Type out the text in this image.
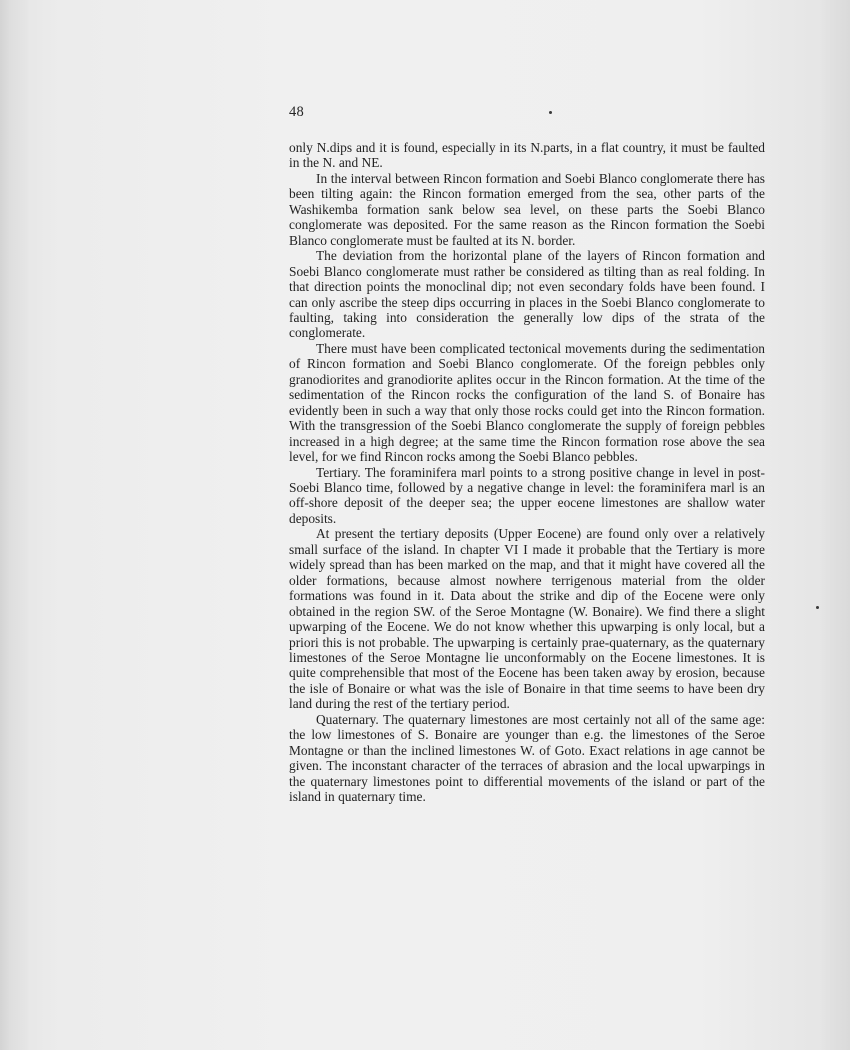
48

only N.dips and it is found, especially in its N.parts, in a flat country, it must be faulted in the N. and NE.

In the interval between Rincon formation and Soebi Blanco conglomerate there has been tilting again: the Rincon formation emerged from the sea, other parts of the Washikemba formation sank below sea level, on these parts the Soebi Blanco conglomerate was deposited. For the same reason as the Rincon formation the Soebi Blanco conglomerate must be faulted at its N. border.

The deviation from the horizontal plane of the layers of Rincon formation and Soebi Blanco conglomerate must rather be considered as tilting than as real folding. In that direction points the monoclinal dip; not even secondary folds have been found. I can only ascribe the steep dips occurring in places in the Soebi Blanco conglomerate to faulting, taking into consideration the generally low dips of the strata of the conglomerate.

There must have been complicated tectonical movements during the sedimentation of Rincon formation and Soebi Blanco conglomerate. Of the foreign pebbles only granodiorites and granodiorite aplites occur in the Rincon formation. At the time of the sedimentation of the Rincon rocks the configuration of the land S. of Bonaire has evidently been in such a way that only those rocks could get into the Rincon formation. With the transgression of the Soebi Blanco conglomerate the supply of foreign pebbles increased in a high degree; at the same time the Rincon formation rose above the sea level, for we find Rincon rocks among the Soebi Blanco pebbles.

Tertiary. The foraminifera marl points to a strong positive change in level in post-Soebi Blanco time, followed by a negative change in level: the foraminifera marl is an off-shore deposit of the deeper sea; the upper eocene limestones are shallow water deposits.

At present the tertiary deposits (Upper Eocene) are found only over a relatively small surface of the island. In chapter VI I made it probable that the Tertiary is more widely spread than has been marked on the map, and that it might have covered all the older formations, because almost nowhere terrigenous material from the older formations was found in it. Data about the strike and dip of the Eocene were only obtained in the region SW. of the Seroe Montagne (W. Bonaire). We find there a slight upwarping of the Eocene. We do not know whether this upwarping is only local, but a priori this is not probable. The upwarping is certainly prae-quaternary, as the quaternary limestones of the Seroe Montagne lie unconformably on the Eocene limestones. It is quite comprehensible that most of the Eocene has been taken away by erosion, because the isle of Bonaire or what was the isle of Bonaire in that time seems to have been dry land during the rest of the tertiary period.

Quaternary. The quaternary limestones are most certainly not all of the same age: the low limestones of S. Bonaire are younger than e.g. the limestones of the Seroe Montagne or than the inclined limestones W. of Goto. Exact relations in age cannot be given. The inconstant character of the terraces of abrasion and the local upwarpings in the quaternary limestones point to differential movements of the island or part of the island in quaternary time.
